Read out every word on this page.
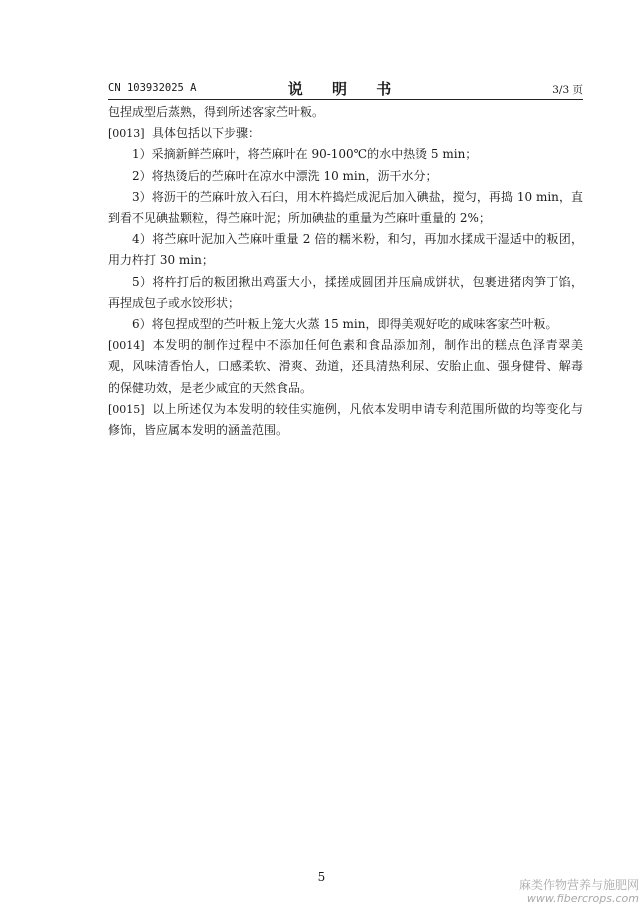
CN 103932025 A	说 明 书	3/3 页

包捏成型后蒸熟，得到所述客家苎叶粄。

[0013] 具体包括以下步骤：

1）采摘新鲜苎麻叶，将苎麻叶在 90-100℃的水中热烫 5 min；

2）将热烫后的苎麻叶在凉水中漂洗 10 min，沥干水分；

3）将沥干的苎麻叶放入石臼，用木杵捣烂成泥后加入碘盐，搅匀，再捣 10 min，直到看不见碘盐颗粒，得苎麻叶泥；所加碘盐的重量为苎麻叶重量的 2%；

4）将苎麻叶泥加入苎麻叶重量 2 倍的糯米粉，和匀，再加水揉成干湿适中的粄团，用力杵打 30 min；

5）将杵打后的粄团揪出鸡蛋大小，揉搓成圆团并压扁成饼状，包裹进猪肉笋丁馅，再捏成包子或水饺形状；

6）将包捏成型的苎叶粄上笼大火蒸 15 min，即得美观好吃的咸味客家苎叶粄。

[0014] 本发明的制作过程中不添加任何色素和食品添加剂，制作出的糕点色泽青翠美观，风味清香怡人，口感柔软、滑爽、劲道，还具清热利尿、安胎止血、强身健骨、解毒的保健功效，是老少咸宜的天然食品。

[0015] 以上所述仅为本发明的较佳实施例，凡依本发明申请专利范围所做的均等变化与修饰，皆应属本发明的涵盖范围。

5
麻类作物营养与施肥网
www.fibercrops.com
